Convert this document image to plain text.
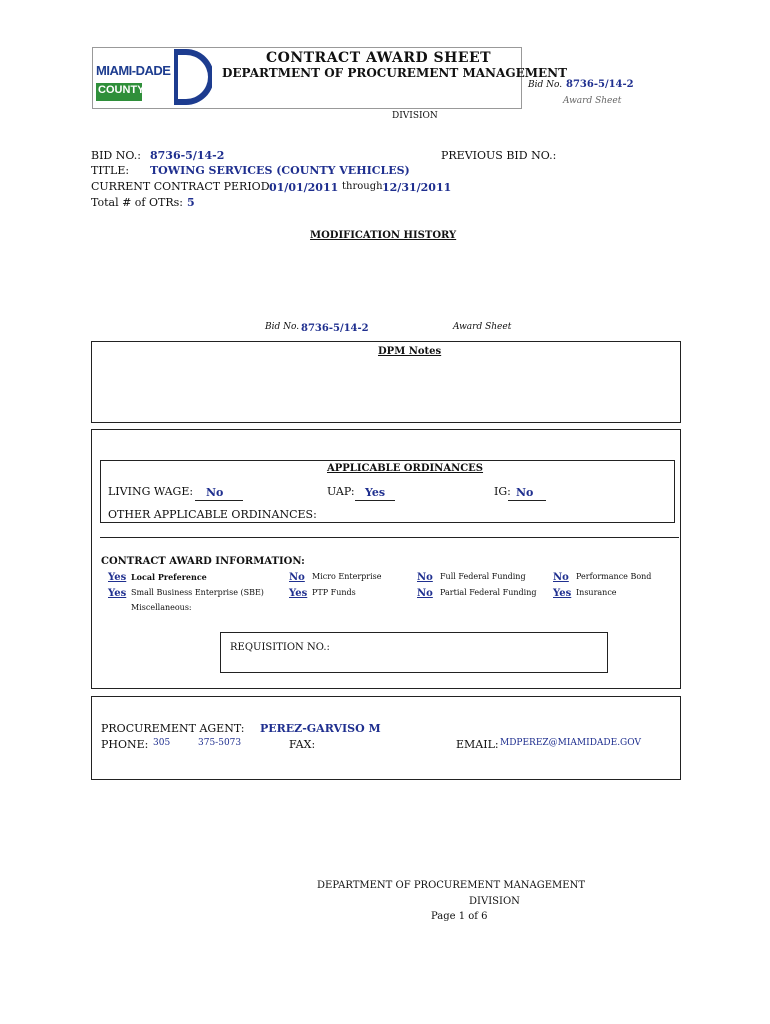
MIAMI-DADE
COUNTY
CONTRACT AWARD SHEET
DEPARTMENT OF PROCUREMENT MANAGEMENT
Bid No. 8736-5/14-2
Award Sheet
DIVISION
BID NO.: 8736-5/14-2	PREVIOUS BID NO.:
TITLE: TOWING SERVICES (COUNTY VEHICLES)
CURRENT CONTRACT PERIOD:
01/01/2011 through 12/31/2011
Total # of OTRs: 5
MODIFICATION HISTORY
Bid No. 8736-5/14-2	Award Sheet
DPM Notes
APPLICABLE ORDINANCES
LIVING WAGE: No	UAP: Yes	IG: No
OTHER APPLICABLE ORDINANCES:
CONTRACT AWARD INFORMATION:
Yes Local Preference	No Micro Enterprise	No Full Federal Funding	No Performance Bond
Yes Small Business Enterprise (SBE)	Yes PTP Funds	No Partial Federal Funding Yes Insurance
Miscellaneous:
REQUISITION NO.:
PROCUREMENT AGENT: PEREZ-GARVISO M
PHONE: 305	375-5073	FAX:	EMAIL: MDPEREZ@MIAMIDADE.GOV
DEPARTMENT OF PROCUREMENT MANAGEMENT
DIVISION
Page 1 of 6
